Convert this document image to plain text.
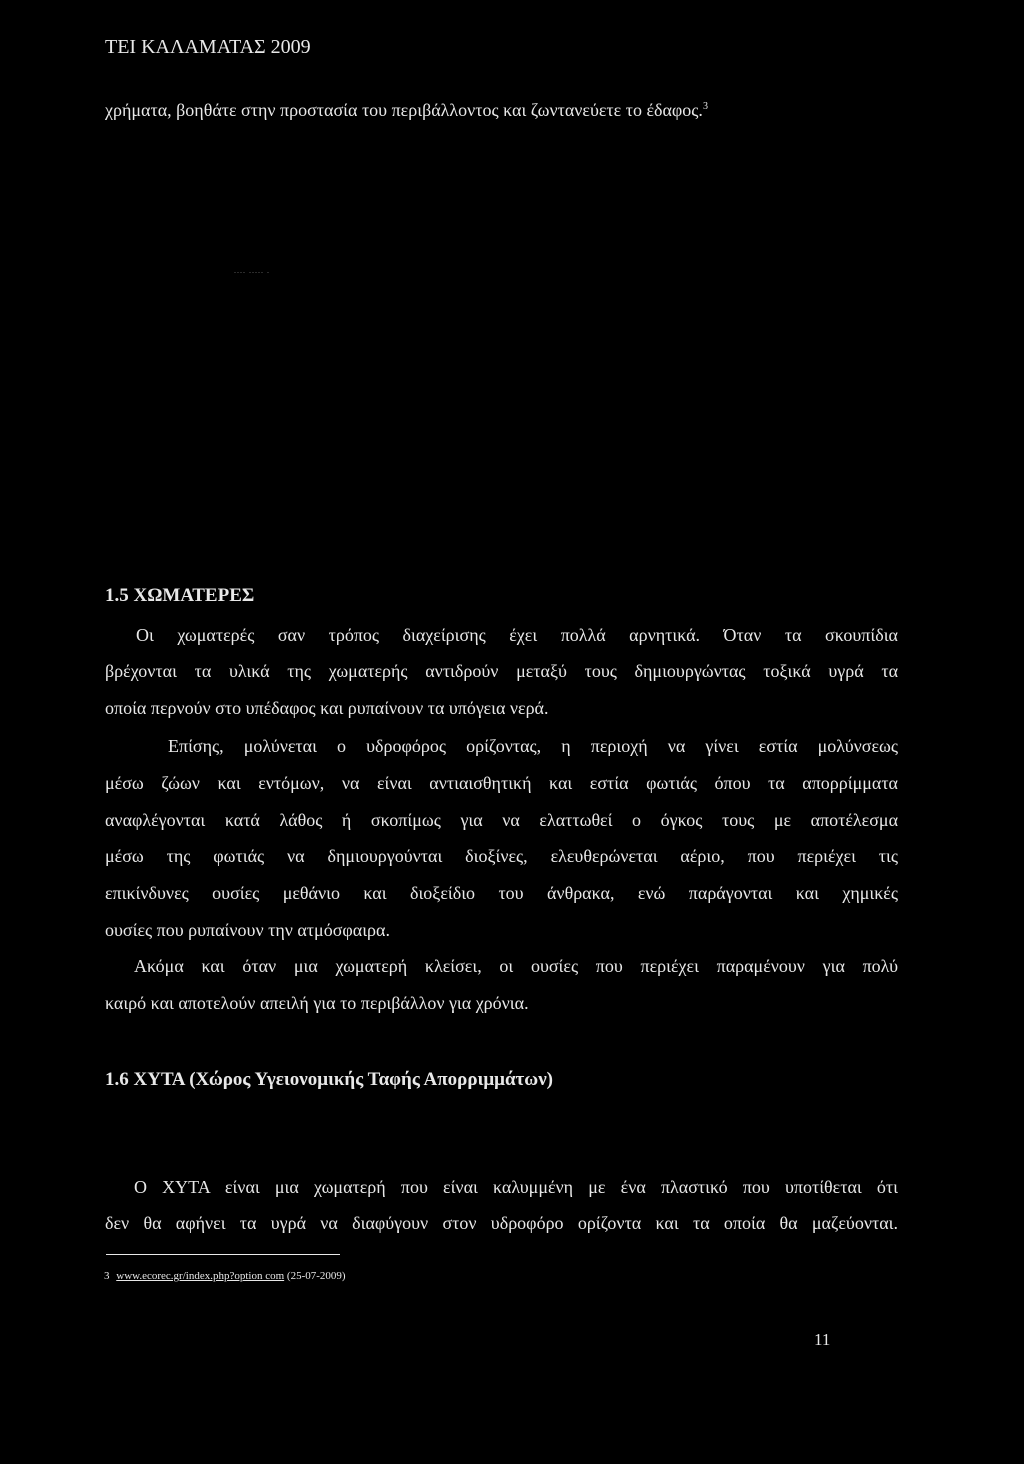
ΤΕΙ ΚΑΛΑΜΑΤΑΣ 2009
χρήματα, βοηθάτε στην προστασία του περιβάλλοντος και ζωντανεύετε το έδαφος.$^3$
.... ..... .
1.5 ΧΩΜΑΤΕΡΕΣ
Οι χωματερές σαν τρόπος διαχείρισης έχει πολλά αρνητικά. Όταν τα σκουπίδια
βρέχονται τα υλικά της χωματερής αντιδρούν μεταξύ τους δημιουργώντας τοξικά υγρά τα
οποία περνούν στο υπέδαφος και ρυπαίνουν τα υπόγεια νερά.
Επίσης, μολύνεται ο υδροφόρος ορίζοντας, η περιοχή να γίνει εστία μολύνσεως
μέσω ζώων και εντόμων, να είναι αντιαισθητική και εστία φωτιάς όπου τα απορρίμματα
αναφλέγονται κατά λάθος ή σκοπίμως για να ελαττωθεί ο όγκος τους με αποτέλεσμα
μέσω της φωτιάς να δημιουργούνται διοξίνες, ελευθερώνεται αέριο, που περιέχει τις
επικίνδυνες ουσίες μεθάνιο και διοξείδιο του άνθρακα, ενώ παράγονται και χημικές
ουσίες που ρυπαίνουν την ατμόσφαιρα.
Ακόμα και όταν μια χωματερή κλείσει, οι ουσίες που περιέχει παραμένουν για πολύ
καιρό και αποτελούν απειλή για το περιβάλλον για χρόνια.
1.6 ΧΥΤΑ (Χώρος Υγειονομικής Ταφής Απορριμμάτων)
Ο ΧΥΤΑ είναι μια χωματερή που είναι καλυμμένη με ένα πλαστικό που υποτίθεται ότι
δεν θα αφήνει τα υγρά να διαφύγουν στον υδροφόρο ορίζοντα και τα οποία θα μαζεύονται.
3 www.ecorec.gr/index.php?option com (25-07-2009)
11
